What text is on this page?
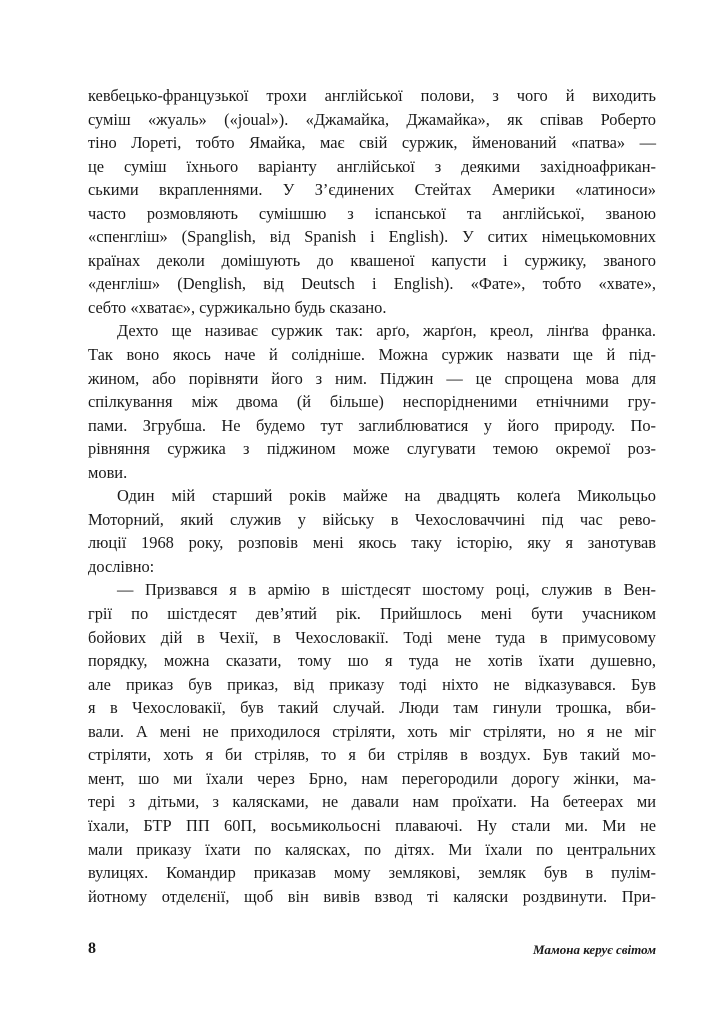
кевбецько-французької трохи англійської полови, з чого й виходить
суміш «жуаль» («joual»). «Джамайка, Джамайка», як співав Роберто
тіно Лореті, тобто Ямайка, має свій суржик, йменований «патва» —
це суміш їхнього варіанту англійської з деякими західноафрикан-
ськими вкрапленнями. У З’єдинених Стейтах Америки «латиноси»
часто розмовляють сумішшю з іспанської та англійської, званою
«спенгліш» (Spanglish, від Spanish і English). У ситих німецькомовних
країнах деколи домішують до квашеної капусти і суржику, званого
«денгліш» (Denglish, від Deutsch і English). «Фате», тобто «хвате»,
себто «хватає», суржикально будь сказано.
Дехто ще називає суржик так: арґо, жарґон, креол, лінґва франка.
Так воно якось наче й солідніше. Можна суржик назвати ще й під-
жином, або порівняти його з ним. Піджин — це спрощена мова для
спілкування між двома (й більше) неспорідненими етнічними гру-
пами. Згрубша. Не будемо тут заглиблюватися у його природу. По-
рівняння суржика з піджином може слугувати темою окремої роз-
мови.
Один мій старший років майже на двадцять колеґа Микольцьо
Моторний, який служив у війську в Чехословаччині під час рево-
люції 1968 року, розповів мені якось таку історію, яку я занотував
дослівно:
— Призвався я в армію в шістдесят шостому році, служив в Вен-
грії по шістдесят дев’ятий рік. Прийшлось мені бути учасником
бойових дій в Чехії, в Чехословакії. Тоді мене туда в примусовому
порядку, можна сказати, тому шо я туда не хотів їхати душевно,
але приказ був приказ, від приказу тоді ніхто не відказувався. Був
я в Чехословакії, був такий случай. Люди там гинули трошка, вби-
вали. А мені не приходилося стріляти, хоть міг стріляти, но я не міг
стріляти, хоть я би стріляв, то я би стріляв в воздух. Був такий мо-
мент, шо ми їхали через Брно, нам перегородили дорогу жінки, ма-
тері з дітьми, з калясками, не давали нам проїхати. На бетеерах ми
їхали, БТР ПП 60П, восьмикольосні плаваючі. Ну стали ми. Ми не
мали приказу їхати по калясках, по дітях. Ми їхали по центральних
вулицях. Командир приказав мому землякові, земляк був в пулім-
йотному отделєнії, щоб він вивів взвод ті каляски роздвинути. При-
8	Мамона керує світом
